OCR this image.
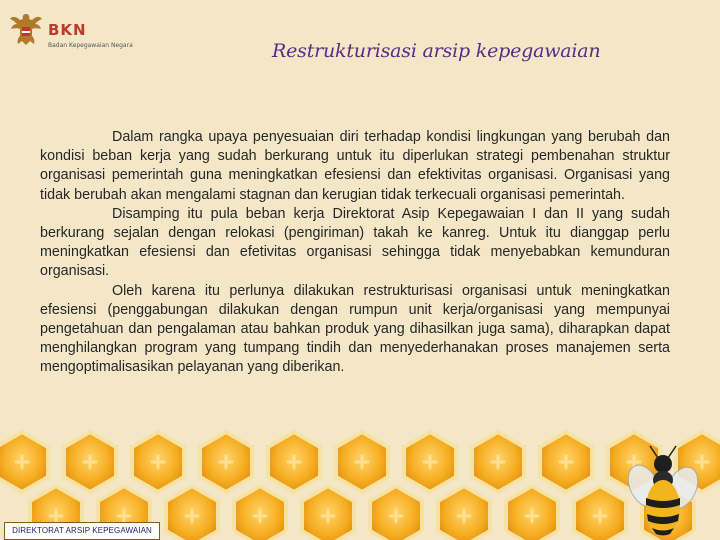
BKN
Badan Kepegawaian Negara	Restrukturisasi arsip kepegawaian

Dalam rangka upaya penyesuaian diri terhadap kondisi lingkungan yang berubah dan kondisi beban kerja yang sudah berkurang untuk itu diperlukan strategi pembenahan struktur organisasi pemerintah guna meningkatkan efesiensi dan efektivitas organisasi. Organisasi yang tidak berubah akan mengalami stagnan dan kerugian tidak terkecuali organisasi pemerintah.

Disamping itu pula beban kerja Direktorat Asip Kepegawaian I dan II yang sudah berkurang sejalan dengan relokasi (pengiriman) takah ke kanreg. Untuk itu dianggap perlu meningkatkan efesiensi dan efetivitas organisasi sehingga tidak menyebabkan kemunduran organisasi.

Oleh karena itu perlunya dilakukan restrukturisasi organisasi untuk meningkatkan efesiensi (penggabungan dilakukan dengan rumpun unit kerja/organisasi yang mempunyai pengetahuan dan pengalaman atau bahkan produk yang dihasilkan juga sama), diharapkan dapat menghilangkan program yang tumpang tindih dan menyederhanakan proses manajemen serta mengoptimalisasikan pelayanan yang diberikan.

DIREKTORAT ARSIP KEPEGAWAIAN
